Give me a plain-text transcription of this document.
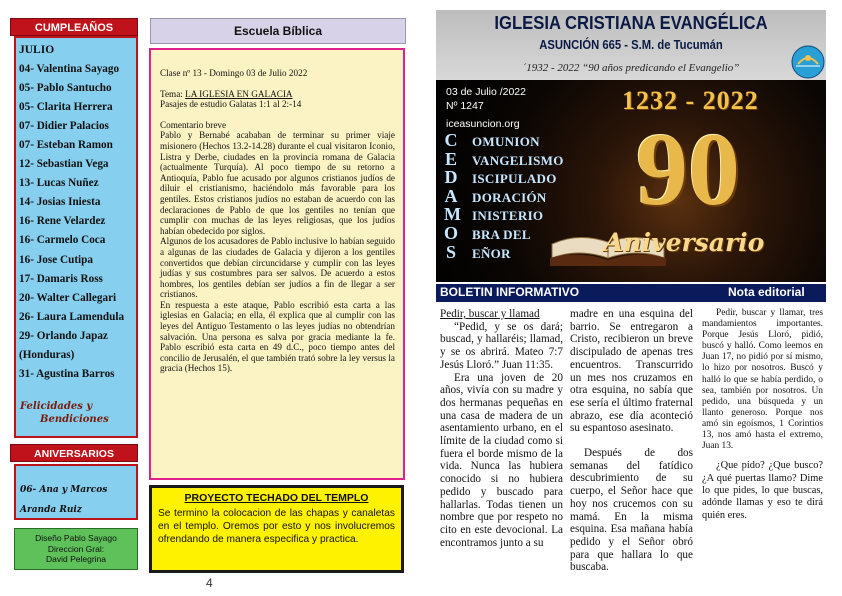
CUMPLEAÑOS
JULIO
04- Valentina Sayago
05- Pablo Santucho
05- Clarita Herrera
07- Didier Palacios
07- Esteban Ramon
12- Sebastian Vega
13- Lucas Nuñez
14- Josias Iniesta
16- Rene Velardez
16- Carmelo Coca
16- Jose Cutipa
17- Damaris Ross
20- Walter Callegari
26- Laura Lamendula
29- Orlando Japaz
(Honduras)
31- Agustina Barros
Felicidades y
Bendiciones
ANIVERSARIOS
06- Ana y Marcos
Aranda Ruiz
Diseño Pablo Sayago
Direccion Gral:
David Pelegrina
Escuela Bíblica

Clase nº 13 - Domingo 03 de Julio 2022

Tema: LA IGLESIA EN GALACIA

Pasajes de estudio Galatas 1:1 al 2:-14

Comentario breve

Pablo y Bernabé acababan de terminar su primer viaje misionero (Hechos 13.2-14.28) durante el cual visitaron Iconio, Listra y Derbe, ciudades en la provincia romana de Galacia (actualmente Turquía). Al poco tiempo de su retorno a Antioquía, Pablo fue acusado por algunos cristianos judíos de diluir el cristianismo, haciéndolo más favorable para los gentiles. Estos cristianos judíos no estaban de acuerdo con las declaraciones de Pablo de que los gentiles no tenían que cumplir con muchas de las leyes religiosas, que los judíos habían obedecido por siglos.

Algunos de los acusadores de Pablo inclusive lo habían seguido a algunas de las ciudades de Galacia y dijeron a los gentiles convertidos que debían circuncidarse y cumplir con las leyes judías y sus costumbres para ser salvos. De acuerdo a estos hombres, los gentiles debían ser judíos a fin de llegar a ser cristianos.

En respuesta a este ataque, Pablo escribió esta carta a las iglesias en Galacia; en ella, él explica que al cumplir con las leyes del Antiguo Testamento o las leyes judías no obtendrían salvación. Una persona es salva por gracia mediante la fe. Pablo escribió esta carta en 49 d.C., poco tiempo antes del concilio de Jerusalén, el que también trató sobre la ley versus la gracia (Hechos 15).

PROYECTO TECHADO DEL TEMPLO
Se termino la colocacion de las chapas y canaletas en el templo. Oremos por esto y nos involucremos ofrendando de manera especifica y practica.
4
IGLESIA CRISTIANA EVANGÉLICA
ASUNCIÓN 665 - S.M. de Tucumán
´1932 - 2022 “90 años predicando el Evangelio”
03 de Julio /2022
Nº 1247
iceasuncion.org
1232 - 2022
90
Aniversario
C OMUNION
E VANGELISMO
D ISCIPULADO
A DORACIÓN
M INISTERIO
O BRA DEL
S EÑOR
BOLETIN INFORMATIVO	Nota editorial

Pedir, buscar y llamad

“Pedid, y se os dará; buscad, y hallaréis; llamad, y se os abrirá. Mateo 7:7 Jesús Lloró.” Juan 11:35.

Era una joven de 20 años, vivía con su madre y dos hermanas pequeñas en una casa de madera de un asentamiento urbano, en el límite de la ciudad como si fuera el borde mismo de la vida. Nunca las hubiera conocido si no hubiera pedido y buscado para hallarlas. Todas tienen un nombre que por respeto no cito en este devocional. La encontramos junto a su

madre en una esquina del barrio. Se entregaron a Cristo, recibieron un breve discipulado de apenas tres encuentros. Transcurrido un mes nos cruzamos en otra esquina, no sabía que ese sería el último fraternal abrazo, ese día aconteció su espantoso asesinato.

Después de dos semanas del fatídico descubrimiento de su cuerpo, el Señor hace que hoy nos crucemos con su mamá. En la misma esquina. Esa mañana había pedido y el Señor obró para que hallara lo que buscaba.

Pedir, buscar y llamar, tres mandamientos importantes. Porque Jesús Lloró, pidió, buscó y halló. Como leemos en Juan 17, no pidió por sí mismo, lo hizo por nosotros. Buscó y halló lo que se había perdido, o sea, también por nosotros. Un pedido, una búsqueda y un llanto generoso. Porque nos amó sin egoísmos, 1 Corintios 13, nos amó hasta el extremo, Juan 13.

¿Que pido? ¿Que busco? ¿A qué puertas llamo? Dime lo que pides, lo que buscas, adónde llamas y eso te dirá quién eres.
